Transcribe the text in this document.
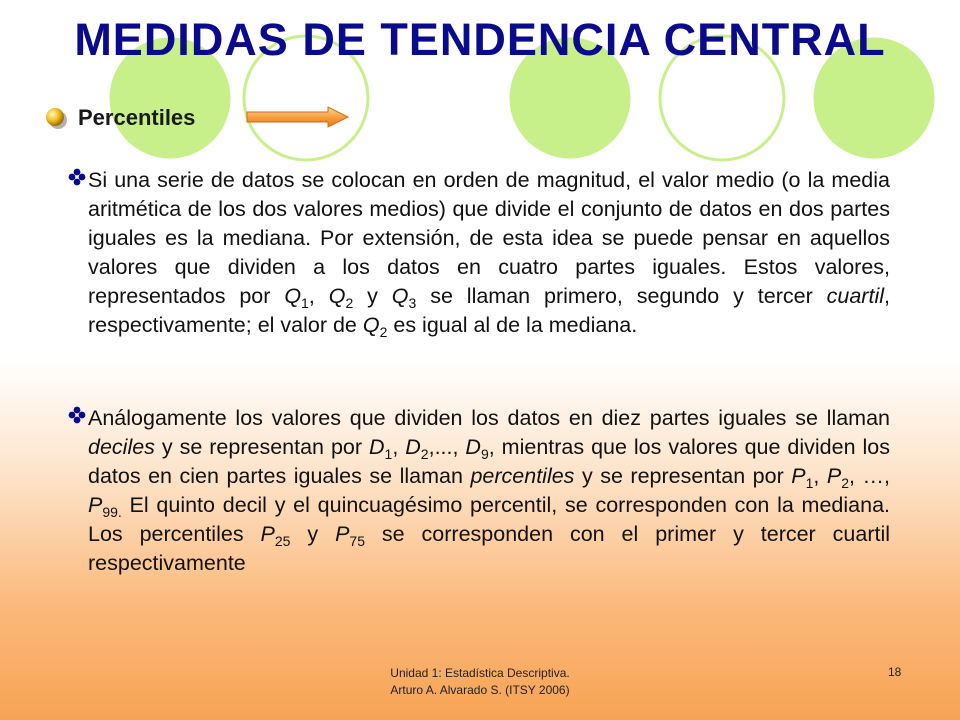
MEDIDAS DE TENDENCIA CENTRAL
Percentiles

Si una serie de datos se colocan en orden de magnitud, el valor medio (o la media aritmética de los dos valores medios) que divide el conjunto de datos en dos partes iguales es la mediana. Por extensión, de esta idea se puede pensar en aquellos valores que dividen a los datos en cuatro partes iguales. Estos valores, representados por $Q_1$, $Q_2$ y $Q_3$ se llaman primero, segundo y tercer cuartil, respectivamente; el valor de $Q_2$ es igual al de la mediana.

Análogamente los valores que dividen los datos en diez partes iguales se llaman deciles y se representan por $D_1$, $D_2$,..., $D_9$, mientras que los valores que dividen los datos en cien partes iguales se llaman percentiles y se representan por $P_1$, $P_2$, …, $P_{99.}$ El quinto decil y el quincuagésimo percentil, se corresponden con la mediana. Los percentiles $P_{25}$ y $P_{75}$ se corresponden con el primer y tercer cuartil respectivamente

Unidad 1: Estadística Descriptiva.
Arturo A. Alvarado S. (ITSY 2006)
18
